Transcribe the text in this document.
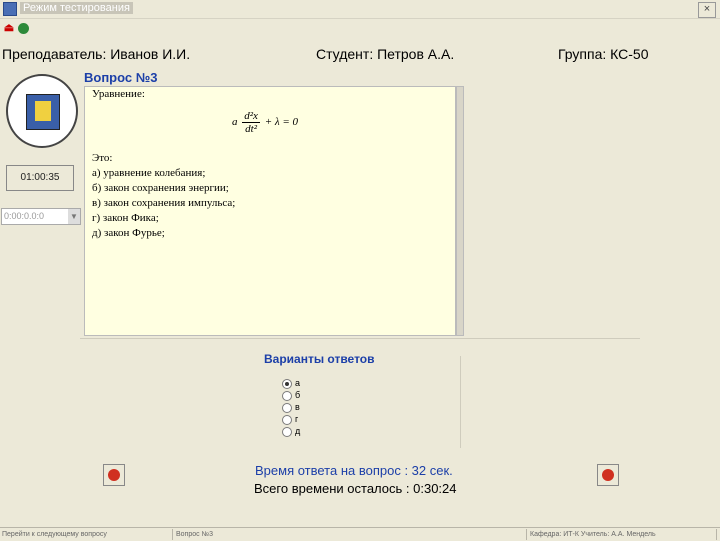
Режим тестирования	×
⏏
Преподаватель: Иванов И.И.	Студент: Петров А.А.	Группа: КС-50
01:00:35
0:00:0.0:0	▼
Вопрос №3
Уравнение:
a $\frac{\text{d²x}}{\text{dt²}} + \lambda = 0$
Это:
а) уравнение колебания;
б) закон сохранения энергии;
в) закон сохранения импульса;
г) закон Фика;
д) закон Фурье;
Варианты ответов
а
б
в
г
д
Время ответа на вопрос : 32 сек.
Всего времени осталось : 0:30:24
Перейти к следующему вопросу	Вопрос №3	Кафедра: ИТ-К Учитель: А.А. Мендель
